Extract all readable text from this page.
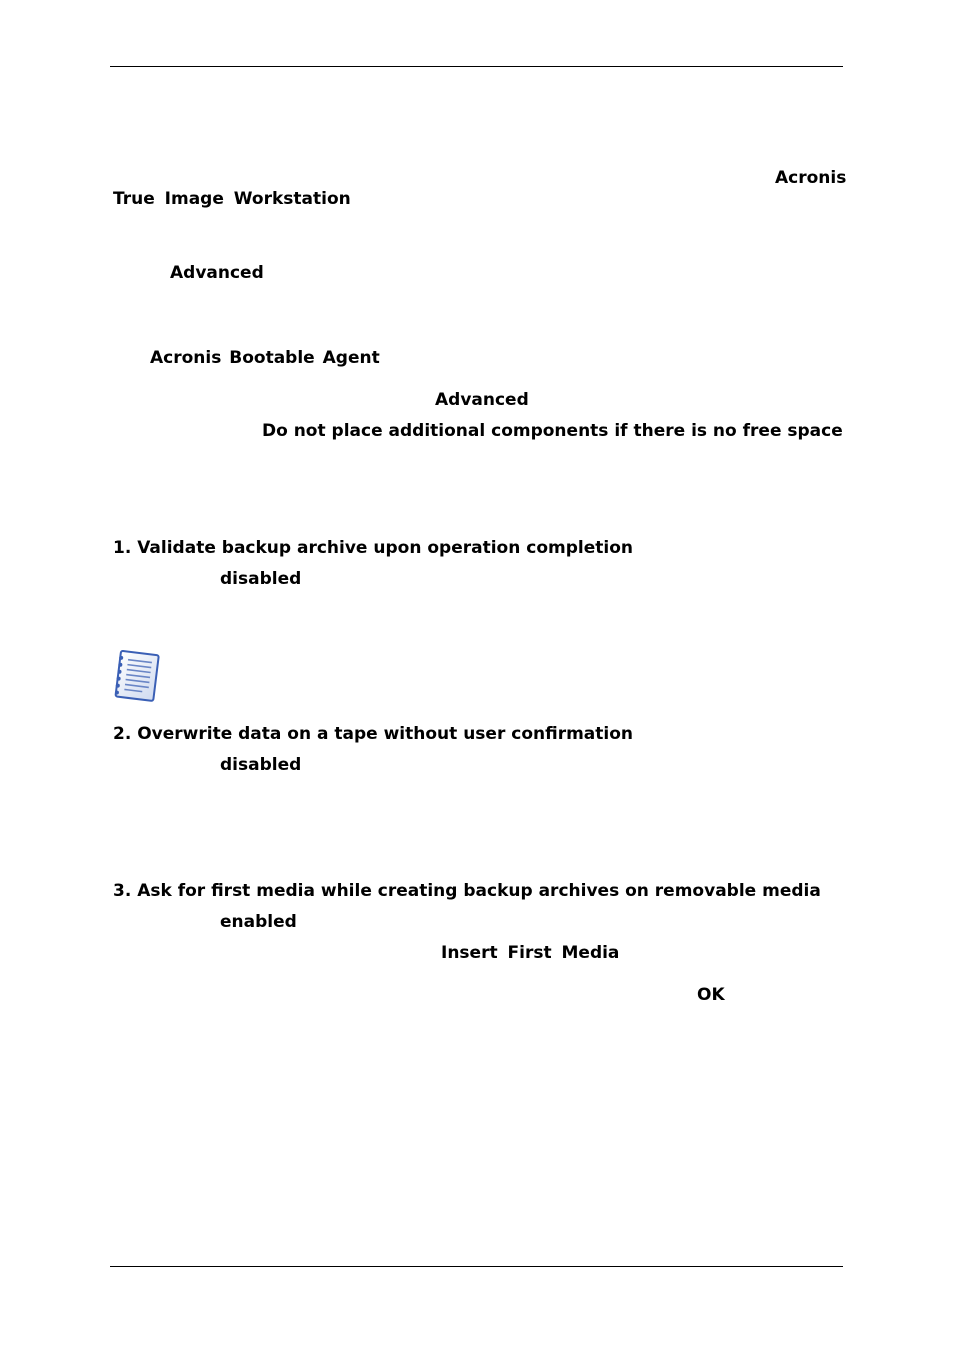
Acronis
True Image Workstation
Advanced
Acronis Bootable Agent
Advanced
Do not place additional components if there is no free space
1. Validate backup archive upon operation completion
disabled
2. Overwrite data on a tape without user confirmation
disabled
3. Ask for first media while creating backup archives on removable media
enabled
Insert First Media
OK
